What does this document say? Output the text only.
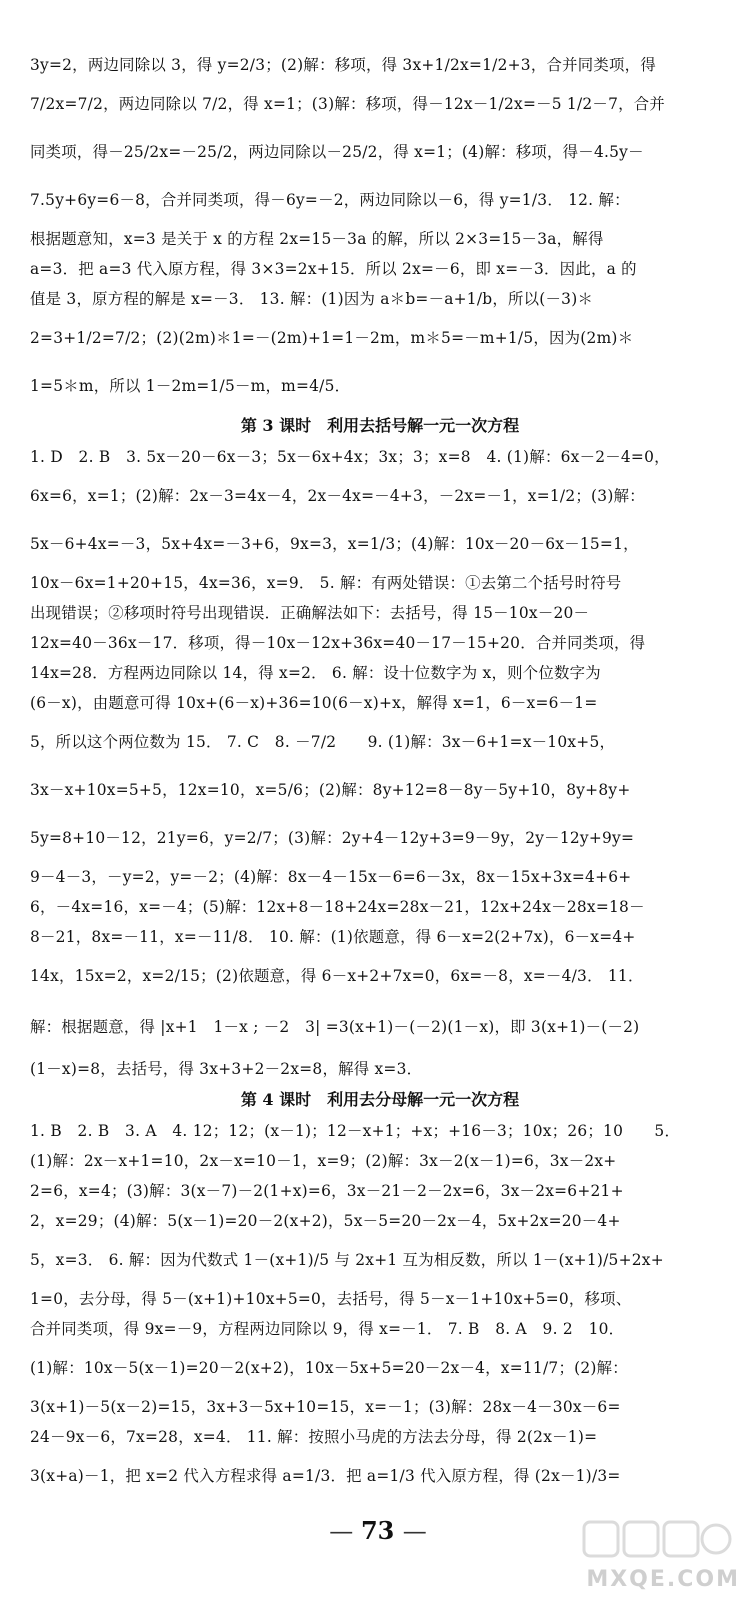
3y=2，两边同除以 3，得 y=2/3；(2)解：移项，得 3x+1/2x=1/2+3，合并同类项，得
7/2x=7/2，两边同除以 7/2，得 x=1；(3)解：移项，得－12x－1/2x=－5 1/2－7，合并
同类项，得－25/2x=－25/2，两边同除以－25/2，得 x=1；(4)解：移项，得－4.5y－
7.5y+6y=6－8，合并同类项，得－6y=－2，两边同除以－6，得 y=1/3． 12. 解：
根据题意知，x=3 是关于 x 的方程 2x=15－3a 的解，所以 2×3=15－3a，解得
a=3．把 a=3 代入原方程，得 3×3=2x+15．所以 2x=－6，即 x=－3．因此，a 的
值是 3，原方程的解是 x=－3． 13. 解：(1)因为 a＊b=－a+1/b，所以(－3)＊
2=3+1/2=7/2；(2)(2m)＊1=－(2m)+1=1－2m，m＊5=－m+1/5，因为(2m)＊
1=5＊m，所以 1－2m=1/5－m，m=4/5．
第 3 课时　利用去括号解一元一次方程
1. D　2. B　3. 5x－20－6x－3；5x－6x+4x；3x；3；x=8　4. (1)解：6x－2－4=0，
6x=6，x=1；(2)解：2x－3=4x－4，2x－4x=－4+3，－2x=－1，x=1/2；(3)解：
5x－6+4x=－3，5x+4x=－3+6，9x=3，x=1/3；(4)解：10x－20－6x－15=1，
10x－6x=1+20+15，4x=36，x=9． 5. 解：有两处错误：①去第二个括号时符号
出现错误；②移项时符号出现错误．正确解法如下：去括号，得 15－10x－20－
12x=40－36x－17．移项，得－10x－12x+36x=40－17－15+20．合并同类项，得
14x=28．方程两边同除以 14，得 x=2． 6. 解：设十位数字为 x，则个位数字为
(6－x)，由题意可得 10x+(6－x)+36=10(6－x)+x，解得 x=1，6－x=6－1=
5，所以这个两位数为 15． 7. C　8. －7/2　　9. (1)解：3x－6+1=x－10x+5，
3x－x+10x=5+5，12x=10，x=5/6；(2)解：8y+12=8－8y－5y+10，8y+8y+
5y=8+10－12，21y=6，y=2/7；(3)解：2y+4－12y+3=9－9y，2y－12y+9y=
9－4－3，－y=2，y=－2；(4)解：8x－4－15x－6=6－3x，8x－15x+3x=4+6+
6，－4x=16，x=－4；(5)解：12x+8－18+24x=28x－21，12x+24x－28x=18－
8－21，8x=－11，x=－11/8． 10. 解：(1)依题意，得 6－x=2(2+7x)，6－x=4+
14x，15x=2，x=2/15；(2)依题意，得 6－x+2+7x=0，6x=－8，x=－4/3． 11．
解：根据题意，得 |x+1　1－x ; －2　3| =3(x+1)－(－2)(1－x)，即 3(x+1)－(－2)
(1－x)=8，去括号，得 3x+3+2－2x=8，解得 x=3．
第 4 课时　利用去分母解一元一次方程
1. B　2. B　3. A　4. 12；12；(x－1)；12－x+1；+x；+16－3；10x；26；10　　5．
(1)解：2x－x+1=10，2x－x=10－1，x=9；(2)解：3x－2(x－1)=6，3x－2x+
2=6，x=4；(3)解：3(x－7)－2(1+x)=6，3x－21－2－2x=6，3x－2x=6+21+
2，x=29；(4)解：5(x－1)=20－2(x+2)，5x－5=20－2x－4，5x+2x=20－4+
5，x=3． 6. 解：因为代数式 1－(x+1)/5 与 2x+1 互为相反数，所以 1－(x+1)/5+2x+
1=0，去分母，得 5－(x+1)+10x+5=0，去括号，得 5－x－1+10x+5=0，移项、
合并同类项，得 9x=－9，方程两边同除以 9，得 x=－1． 7. B　8. A　9. 2　10．
(1)解：10x－5(x－1)=20－2(x+2)，10x－5x+5=20－2x－4，x=11/7；(2)解：
3(x+1)－5(x－2)=15，3x+3－5x+10=15，x=－1；(3)解：28x－4－30x－6=
24－9x－6，7x=28，x=4． 11. 解：按照小马虎的方法去分母，得 2(2x－1)=
3(x+a)－1，把 x=2 代入方程求得 a=1/3．把 a=1/3 代入原方程，得 (2x－1)/3=
— 73 —
MXQE.COM
